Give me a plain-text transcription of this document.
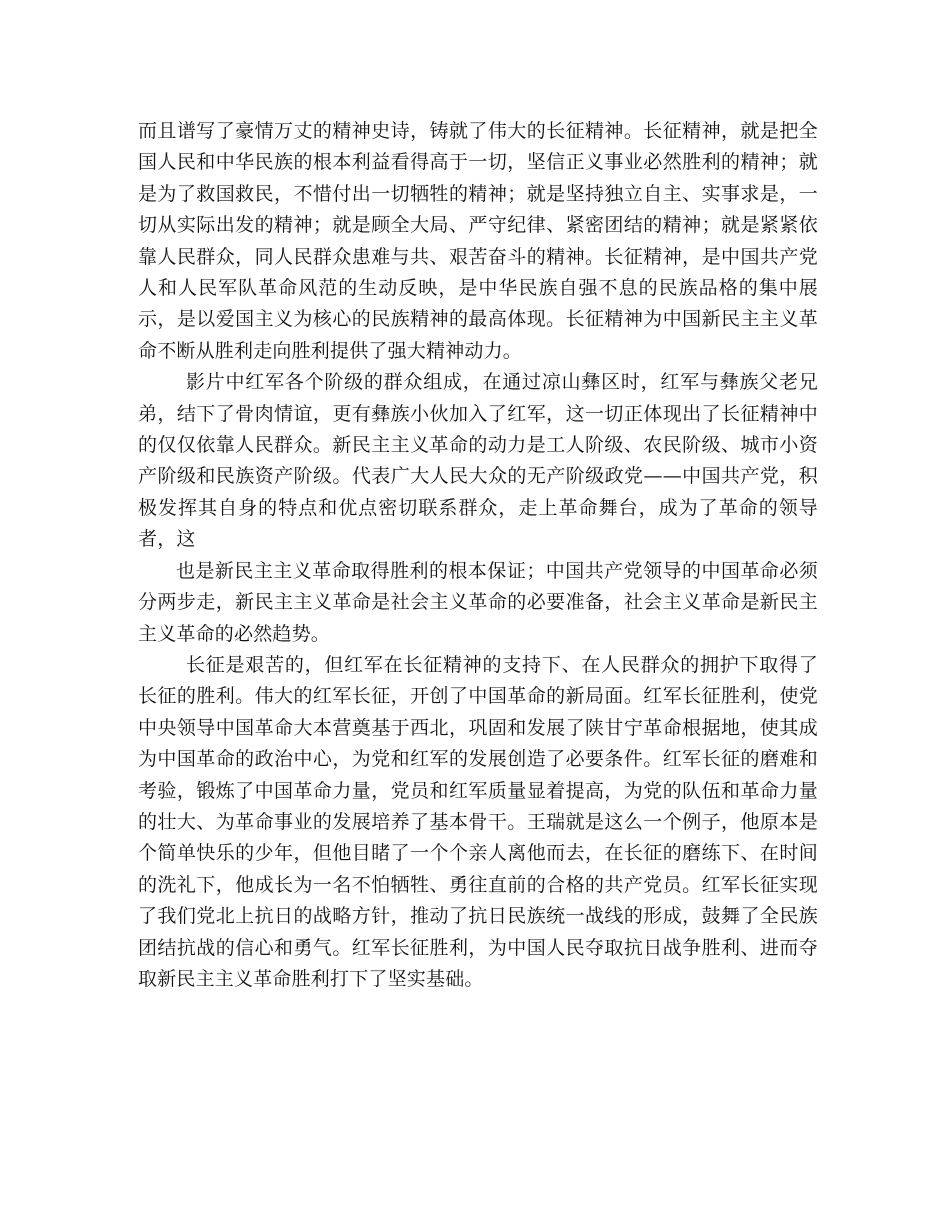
而且谱写了豪情万丈的精神史诗，铸就了伟大的长征精神。长征精神，就是把全国人民和中华民族的根本利益看得高于一切，坚信正义事业必然胜利的精神；就是为了救国救民，不惜付出一切牺牲的精神；就是坚持独立自主、实事求是，一切从实际出发的精神；就是顾全大局、严守纪律、紧密团结的精神；就是紧紧依靠人民群众，同人民群众患难与共、艰苦奋斗的精神。长征精神，是中国共产党人和人民军队革命风范的生动反映，是中华民族自强不息的民族品格的集中展示，是以爱国主义为核心的民族精神的最高体现。长征精神为中国新民主主义革命不断从胜利走向胜利提供了强大精神动力。

影片中红军各个阶级的群众组成，在通过凉山彝区时，红军与彝族父老兄弟，结下了骨肉情谊，更有彝族小伙加入了红军，这一切正体现出了长征精神中的仅仅依靠人民群众。新民主主义革命的动力是工人阶级、农民阶级、城市小资产阶级和民族资产阶级。代表广大人民大众的无产阶级政党——中国共产党，积极发挥其自身的特点和优点密切联系群众，走上革命舞台，成为了革命的领导者，这

也是新民主主义革命取得胜利的根本保证；中国共产党领导的中国革命必须分两步走，新民主主义革命是社会主义革命的必要准备，社会主义革命是新民主主义革命的必然趋势。

长征是艰苦的，但红军在长征精神的支持下、在人民群众的拥护下取得了长征的胜利。伟大的红军长征，开创了中国革命的新局面。红军长征胜利，使党中央领导中国革命大本营奠基于西北，巩固和发展了陕甘宁革命根据地，使其成为中国革命的政治中心，为党和红军的发展创造了必要条件。红军长征的磨难和考验，锻炼了中国革命力量，党员和红军质量显着提高，为党的队伍和革命力量的壮大、为革命事业的发展培养了基本骨干。王瑞就是这么一个例子，他原本是个简单快乐的少年，但他目睹了一个个亲人离他而去，在长征的磨练下、在时间的洗礼下，他成长为一名不怕牺牲、勇往直前的合格的共产党员。红军长征实现了我们党北上抗日的战略方针，推动了抗日民族统一战线的形成，鼓舞了全民族团结抗战的信心和勇气。红军长征胜利，为中国人民夺取抗日战争胜利、进而夺取新民主主义革命胜利打下了坚实基础。
